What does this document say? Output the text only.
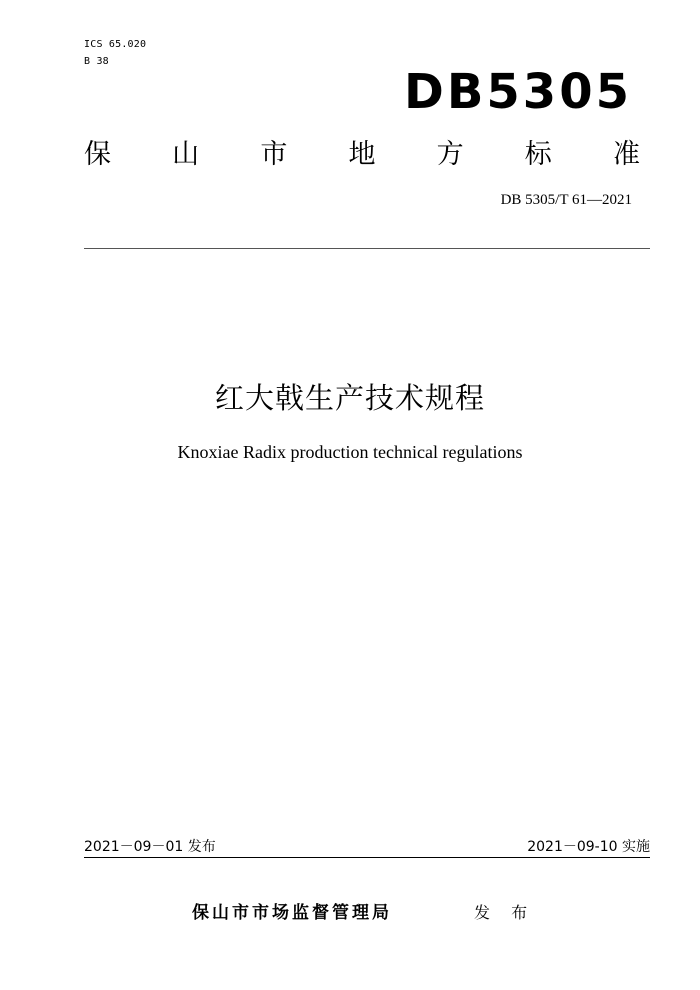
ICS 65.020
B 38
DB5305
保 山 市 地 方 标 准
DB 5305/T 61—2021
红大戟生产技术规程
Knoxiae Radix production technical regulations
2021－09－01 发布	2021－09-10 实施
保山市市场监督管理局	发 布
